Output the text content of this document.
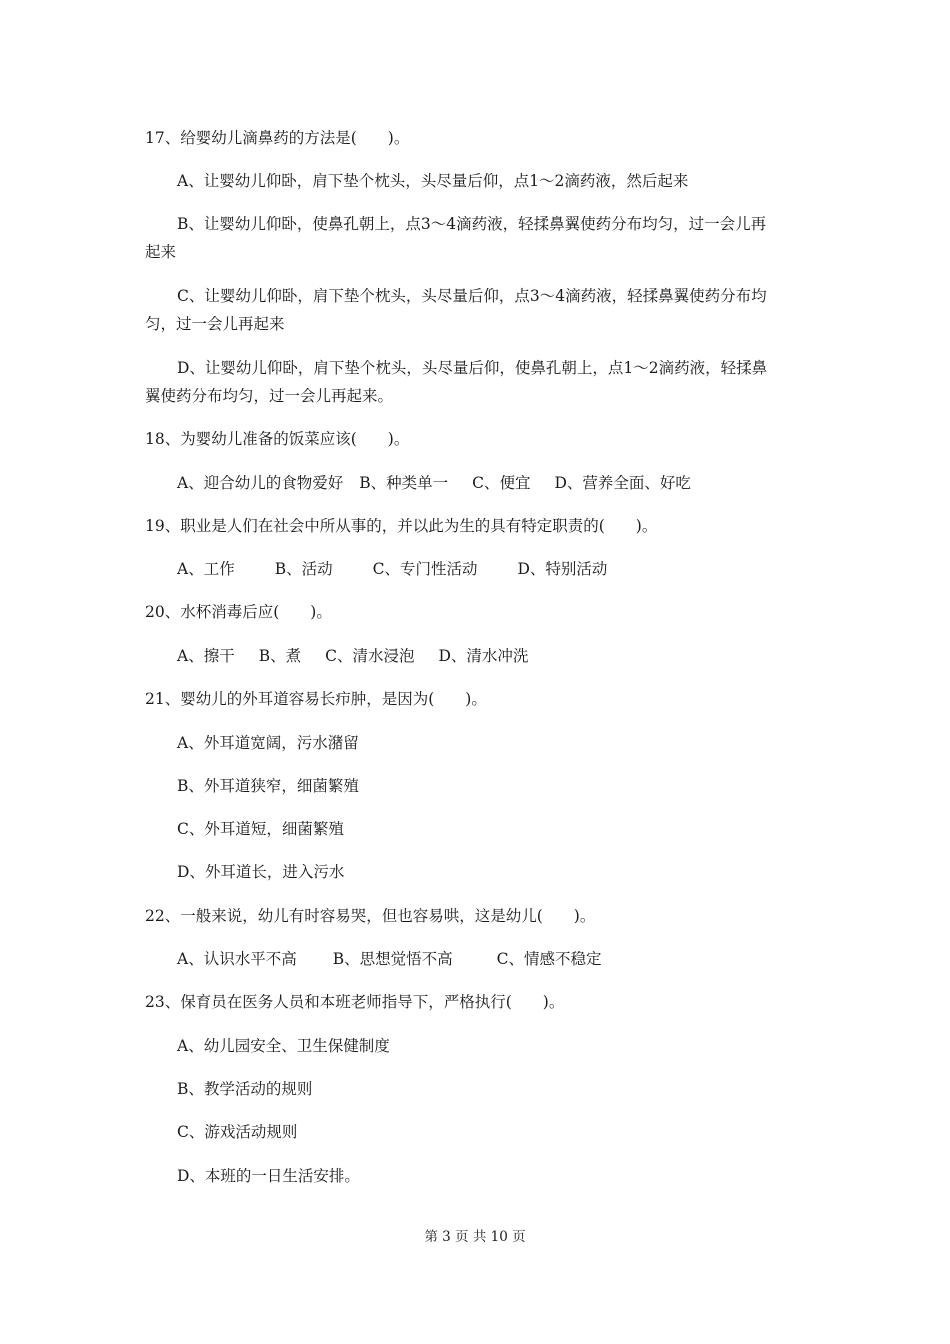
17、给婴幼儿滴鼻药的方法是(　　)。
A、让婴幼儿仰卧，肩下垫个枕头，头尽量后仰，点1～2滴药液，然后起来
B、让婴幼儿仰卧，使鼻孔朝上，点3～4滴药液，轻揉鼻翼使药分布均匀，过一会儿再
起来
C、让婴幼儿仰卧，肩下垫个枕头，头尽量后仰，点3～4滴药液，轻揉鼻翼使药分布均
匀，过一会儿再起来
D、让婴幼儿仰卧，肩下垫个枕头，头尽量后仰，使鼻孔朝上，点1～2滴药液，轻揉鼻
翼使药分布均匀，过一会儿再起来。
18、为婴幼儿准备的饭菜应该(　　)。
A、迎合幼儿的食物爱好 B、种类单一 C、便宜 D、营养全面、好吃
19、职业是人们在社会中所从事的，并以此为生的具有特定职责的(　　)。
A、工作	B、活动	C、专门性活动	D、特别活动
20、水杯消毒后应(　　)。
A、擦干 B、煮 C、清水浸泡 D、清水冲洗
21、婴幼儿的外耳道容易长疖肿，是因为(　　)。
A、外耳道宽阔，污水潴留
B、外耳道狭窄，细菌繁殖
C、外耳道短，细菌繁殖
D、外耳道长，进入污水
22、一般来说，幼儿有时容易哭，但也容易哄，这是幼儿(　　)。
A、认识水平不高 B、思想觉悟不高	C、情感不稳定
23、保育员在医务人员和本班老师指导下，严格执行(　　)。
A、幼儿园安全、卫生保健制度
B、教学活动的规则
C、游戏活动规则
D、本班的一日生活安排。
第 3 页 共 10 页
